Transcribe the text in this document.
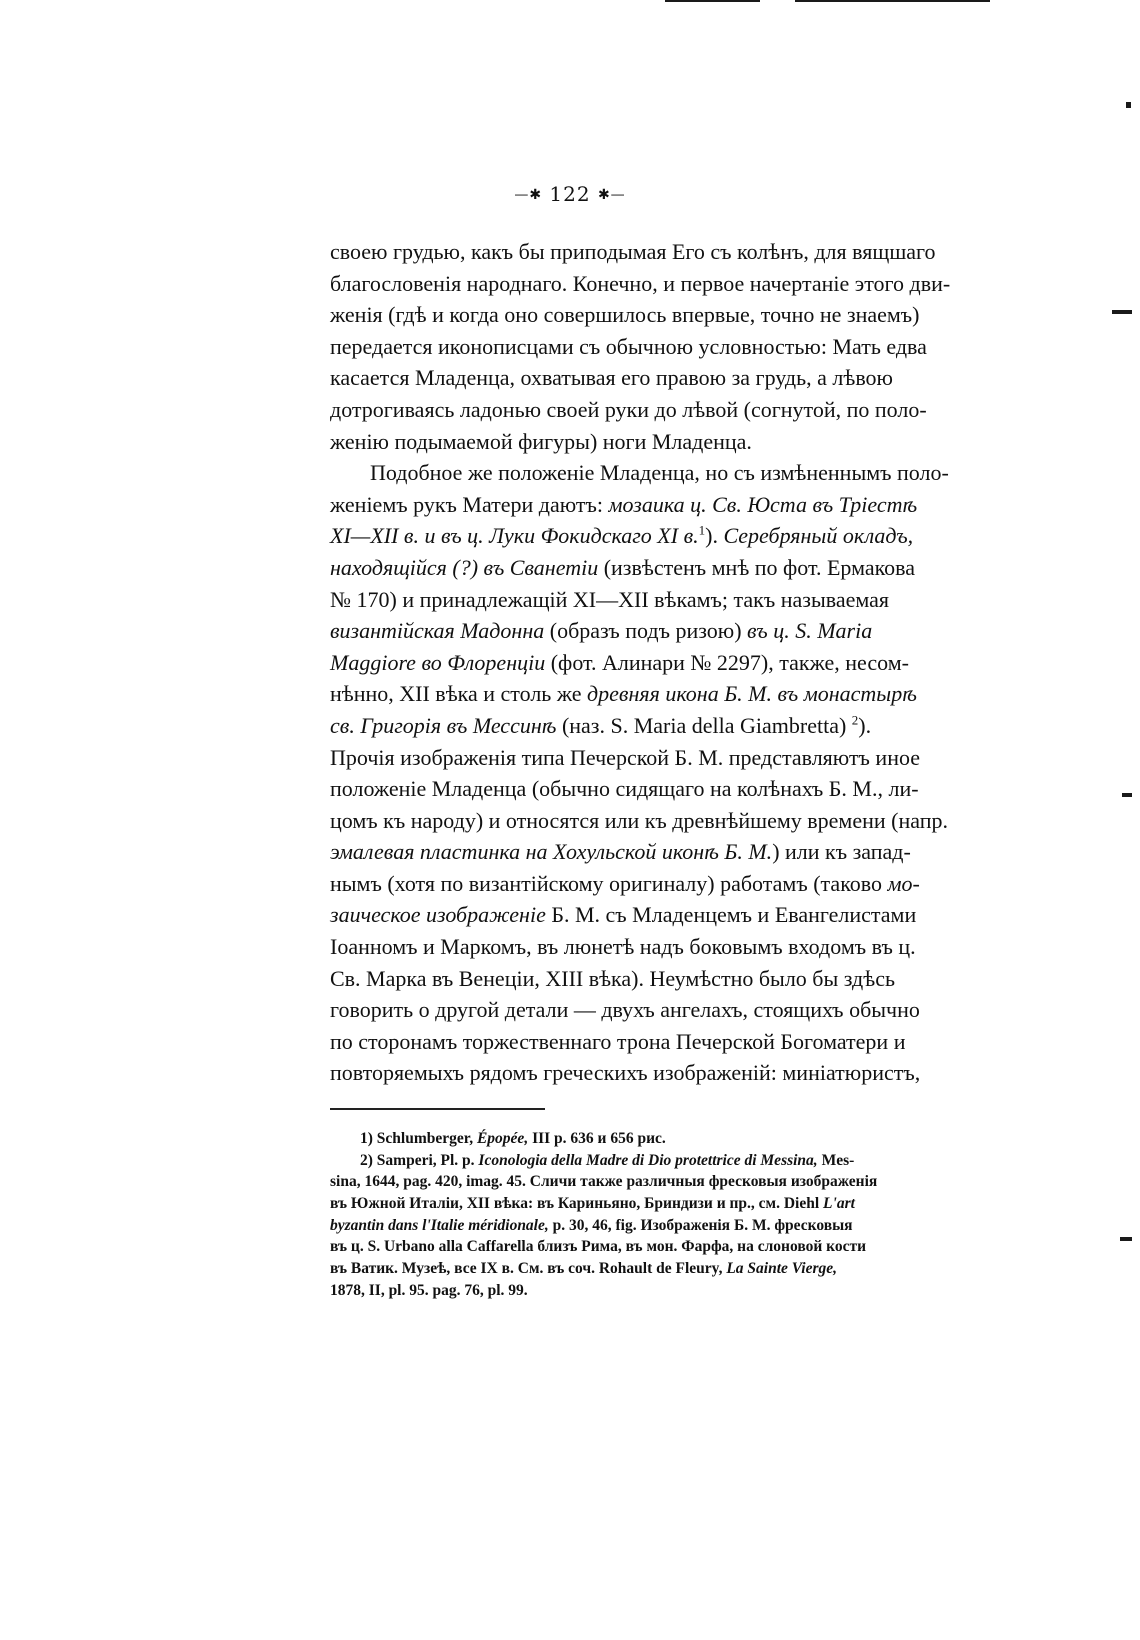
—✱ 122 ✱—
своею грудью, какъ бы приподымая Его съ колѣнъ, для вящшаго
благословенія народнаго. Конечно, и первое начертаніе этого дви-
женія (гдѣ и когда оно совершилось впервые, точно не знаемъ)
передается иконописцами съ обычною условностью: Мать едва
касается Младенца, охватывая его правою за грудь, а лѣвою
дотрогиваясь ладонью своей руки до лѣвой (согнутой, по поло-
женію подымаемой фигуры) ноги Младенца.
Подобное же положеніе Младенца, но съ измѣненнымъ поло-
женіемъ рукъ Матери даютъ: мозаика ц. Св. Юста въ Тріестѣ
XI—XII в. и въ ц. Луки Фокидскаго XI в.$^1$). Серебряный окладъ,
находящійся (?) въ Сванетіи (извѣстенъ мнѣ по фот. Ермакова
№ 170) и принадлежащій XI—XII вѣкамъ; такъ называемая
византійская Мадонна (образъ подъ ризою) въ ц. S. Maria
Maggiore во Флоренціи (фот. Алинари № 2297), также, несом-
нѣнно, XII вѣка и столь же древняя икона Б. М. въ монастырѣ
св. Григорія въ Мессинѣ (наз. S. Maria della Giambretta) $^2$).
Прочія изображенія типа Печерской Б. М. представляютъ иное
положеніе Младенца (обычно сидящаго на колѣнахъ Б. М., ли-
цомъ къ народу) и относятся или къ древнѣйшему времени (напр.
эмалевая пластинка на Хохульской иконѣ Б. М.) или къ запад-
нымъ (хотя по византійскому оригиналу) работамъ (таково мо-
заическое изображеніе Б. М. съ Младенцемъ и Евангелистами
Іоанномъ и Маркомъ, въ люнетѣ надъ боковымъ входомъ въ ц.
Св. Марка въ Венеціи, XIII вѣка). Неумѣстно было бы здѣсь
говорить о другой детали — двухъ ангелахъ, стоящихъ обычно
по сторонамъ торжественнаго трона Печерской Богоматери и
повторяемыхъ рядомъ греческихъ изображеній: миніатюристъ,
1) Schlumberger, Épopée, III p. 636 и 656 рис.
2) Samperi, Pl. p. Iconologia della Madre di Dio protettrice di Messina, Mes-
sina, 1644, pag. 420, imag. 45. Сличи также различныя фресковыя изображенія
въ Южной Италіи, XII вѣка: въ Кариньяно, Бриндизи и пр., см. Diehl L'art
byzantin dans l'Italie méridionale, p. 30, 46, fig. Изображенія Б. М. фресковыя
въ ц. S. Urbano alla Caffarella близъ Рима, въ мон. Фарфа, на слоновой кости
въ Ватик. Музеѣ, все IX в. См. въ соч. Rohault de Fleury, La Sainte Vierge,
1878, II, pl. 95. pag. 76, pl. 99.
